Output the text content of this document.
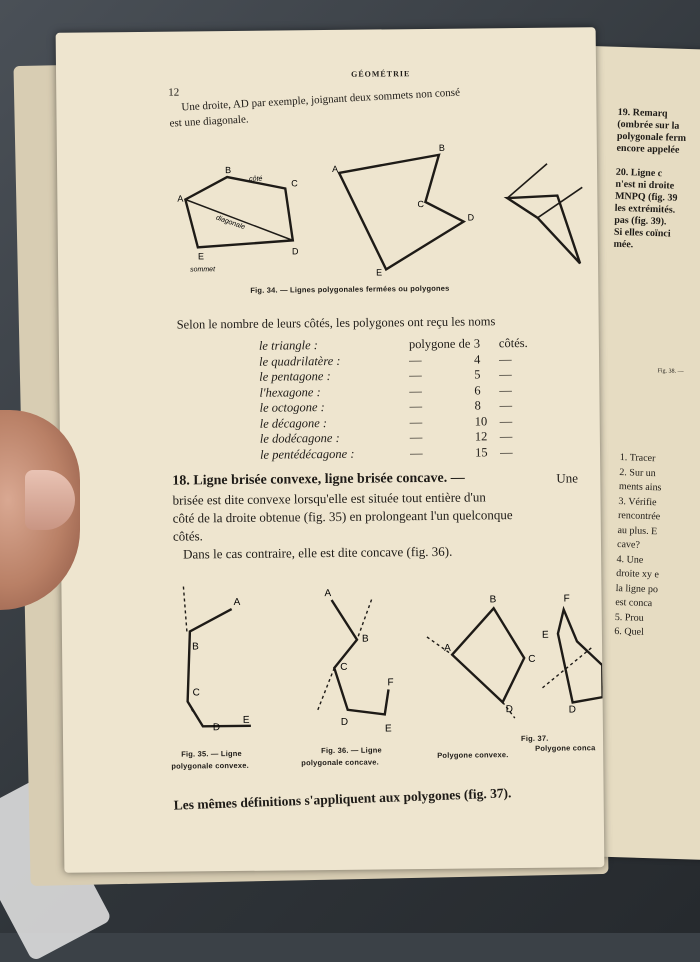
19. Remarq
(ombrée sur la
polygonale ferm
encore appelée
20. Ligne c
n'est ni droite
MNPQ (fig. 39
les extrémités.
pas (fig. 39).
Si elles coïnci
mée.
Fig. 38. —
1. Tracer
2. Sur un
ments ains
3. Vérifie
rencontrée
au plus. E
cave?
4. Une
droite xy e
la ligne po
est conca
5. Prou
6. Quel
12
GÉOMÉTRIE
Une droite, AD par exemple, joignant deux sommets non consé
est une diagonale.
A
B
C
D
E
côté
diagonale
sommet
A
B
C
D
E
Fig. 34. — Lignes polygonales fermées ou polygones
Selon le nombre de leurs côtés, les polygones ont reçu les noms
le triangle :	polygone de 3 côtés.
le quadrilatère :	—	4 —
le pentagone :	—	5 —
l'hexagone :	—	6 —
le octogone :	—	8 —
le décagone :	—	10 —
le dodécagone :	—	12 —
le pentédécagone :	—	15 —
18. Ligne brisée convexe, ligne brisée concave. —	Une
brisée est dite convexe lorsqu'elle est située tout entière d'un
côté de la droite obtenue (fig. 35) en prolongeant l'un quelconque
côtés.
Dans le cas contraire, elle est dite concave (fig. 36).
A
B
C
D
E
A
B
C
D
F
E
B
A
C
D
F
E
D
Fig. 35. — Ligne
polygonale convexe.
Fig. 36. — Ligne
polygonale concave.
Fig. 37.
Polygone convexe.
Polygone conca
Les mêmes définitions s'appliquent aux polygones (fig. 37).
